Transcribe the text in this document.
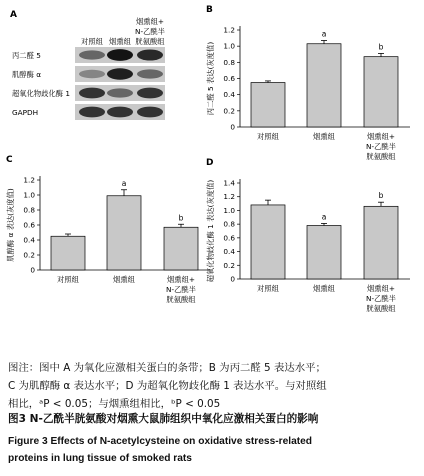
A
对照组 烟熏组
烟熏组+
N-乙酰半
胱氨酸组
丙二醛 5
肌醇酶 α
超氧化物歧化酶 1
GAPDH
B
0
0.2
0.4
0.6
0.8
1.0
1.2
丙二醛 5 表达(灰度值)
对照组
a
烟熏组
b
烟熏组+
N-乙酰半
胱氨酸组
C
0
0.2
0.4
0.6
0.8
1.0
1.2
肌醇酶 α 表达(灰度值)
对照组
a
烟熏组
b
烟熏组+
N-乙酰半
胱氨酸组
D
0
0.2
0.4
0.6
0.8
1.0
1.2
1.4
超氧化物歧化酶 1 表达(灰度值)
对照组
a
烟熏组
b
烟熏组+
N-乙酰半
胱氨酸组
图注：图中 A 为氧化应激相关蛋白的条带；B 为丙二醛 5 表达水平；
C 为肌醇酶 α 表达水平；D 为超氧化物歧化酶 1 表达水平。与对照组
相比，ᵃP < 0.05；与烟熏组相比，ᵇP < 0.05
图3 N-乙酰半胱氨酸对烟熏大鼠肺组织中氧化应激相关蛋白的影响
Figure 3 Effects of N-acetylcysteine on oxidative stress-related
proteins in lung tissue of smoked rats
